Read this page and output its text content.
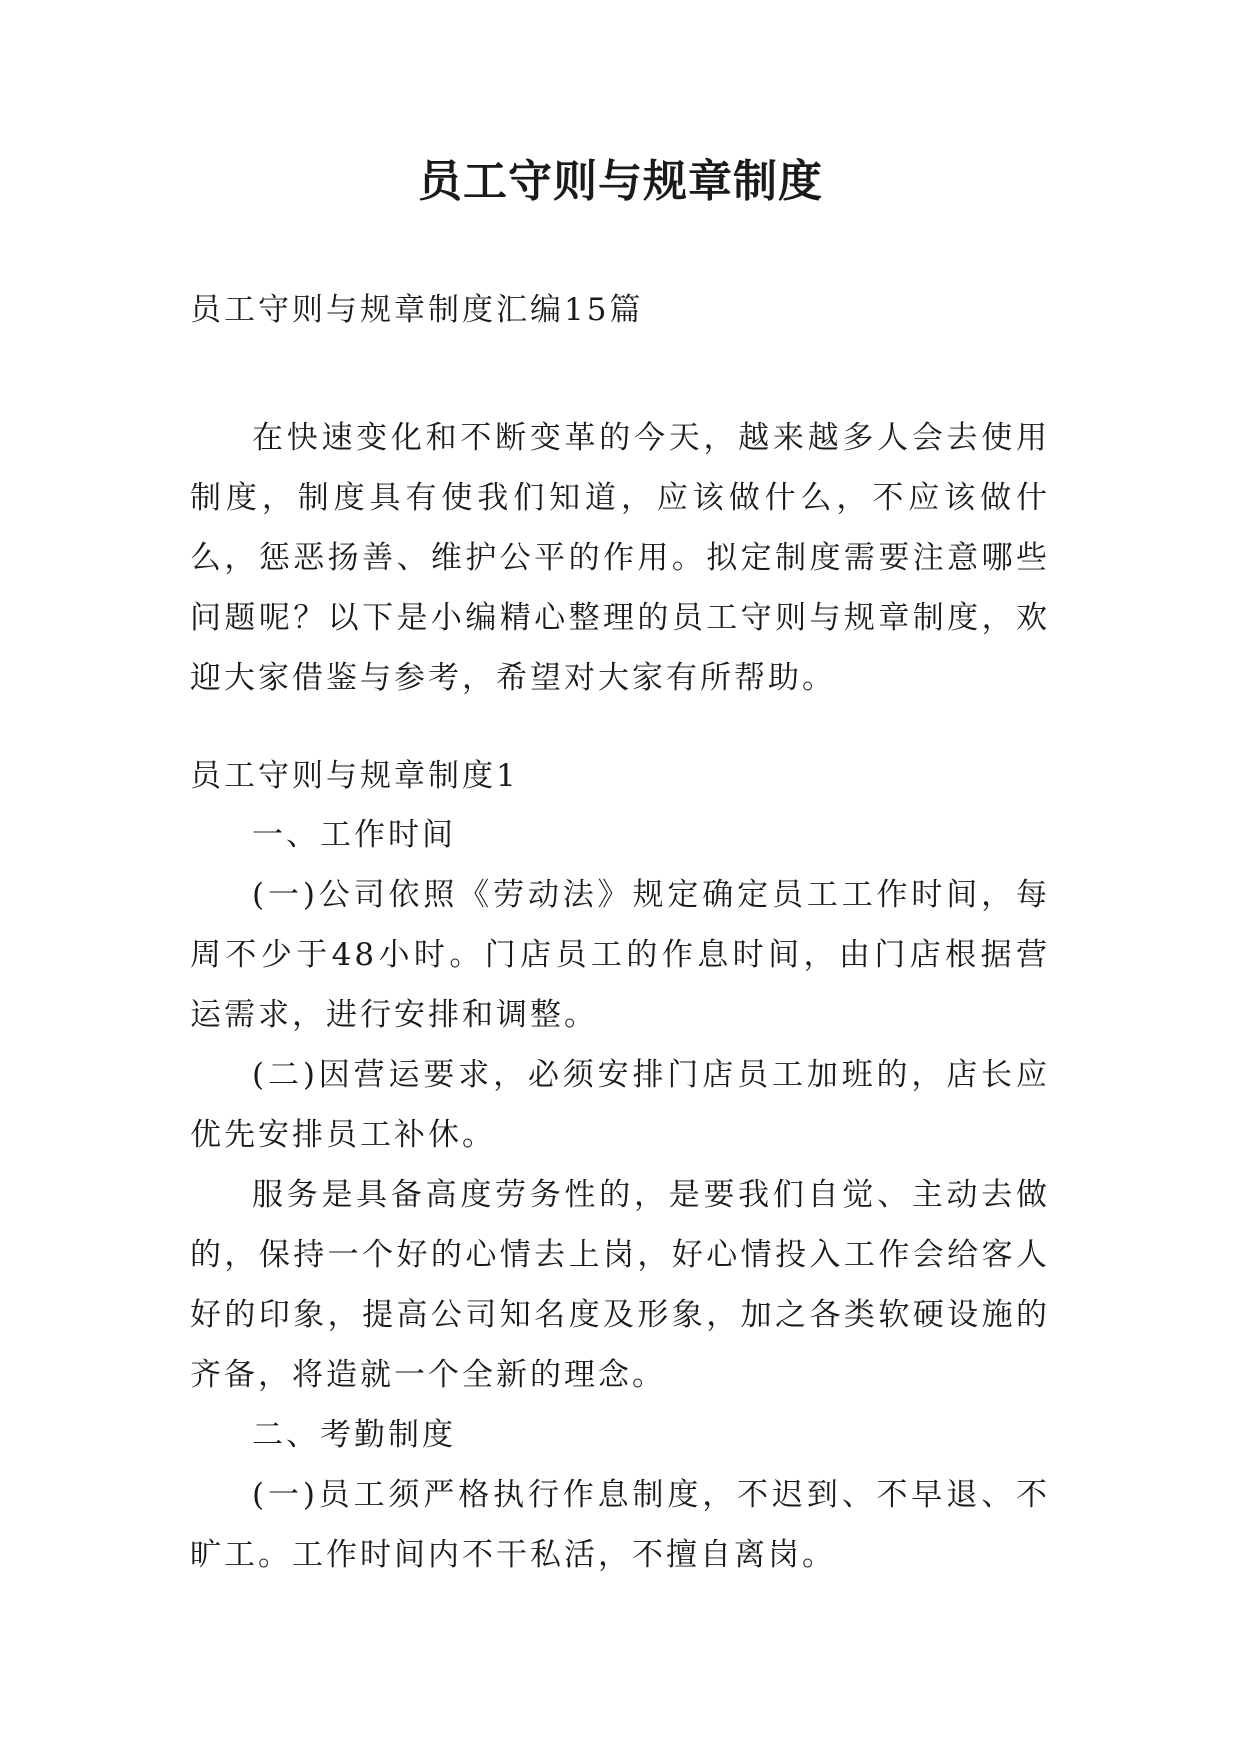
员工守则与规章制度
员工守则与规章制度汇编15篇
在快速变化和不断变革的今天，越来越多人会去使用制度，制度具有使我们知道，应该做什么，不应该做什么，惩恶扬善、维护公平的作用。拟定制度需要注意哪些问题呢？以下是小编精心整理的员工守则与规章制度，欢迎大家借鉴与参考，希望对大家有所帮助。
员工守则与规章制度1

一、工作时间

(一)公司依照《劳动法》规定确定员工工作时间，每周不少于48小时。门店员工的作息时间，由门店根据营运需求，进行安排和调整。

(二)因营运要求，必须安排门店员工加班的，店长应优先安排员工补休。

服务是具备高度劳务性的，是要我们自觉、主动去做的，保持一个好的心情去上岗，好心情投入工作会给客人好的印象，提高公司知名度及形象，加之各类软硬设施的齐备，将造就一个全新的理念。

二、考勤制度

(一)员工须严格执行作息制度，不迟到、不早退、不旷工。工作时间内不干私活，不擅自离岗。
